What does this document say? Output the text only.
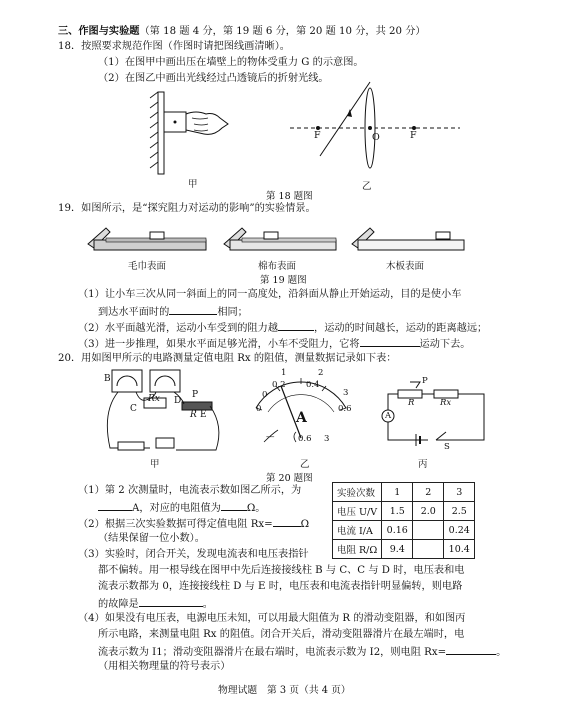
三、作图与实验题（第 18 题 4 分，第 19 题 6 分，第 20 题 10 分，共 20 分）
18．按照要求规范作图（作图时请把图线画清晰）。
（1）在图甲中画出压在墙壁上的物体受重力 G 的示意图。
（2）在图乙中画出光线经过凸透镜后的折射光线。
甲
F	O	F
乙
第 18 题图
19．如图所示，是“探究阻力对运动的影响”的实验情景。
毛巾表面	棉布表面	木板表面
第 19 题图
（1）让小车三次从同一斜面上的同一高度处，沿斜面从静止开始运动，目的是使小车
到达水平面时的	相同；
（2）水平面越光滑，运动小车受到的阻力越	，运动的时间越长，运动的距离越远；
（3）进一步推理，如果水平面足够光滑，小车不受阻力，它将	运动下去。
20．用如图甲所示的电路测量定值电阻 Rx 的阻值，测量数据记录如下表：
B
C
Rx D
P
R E
甲
0
0
0.2
1
0.4
2
3
0.6
A
—	0.6 3
乙
A
P
R	Rx
S
丙
第 20 题图
实验次数	1	2	3
电压 U/V	1.5	2.0	2.5
电流 I/A	0.16		0.24
电阻 R/Ω	9.4		10.4
（1）第 2 次测量时，电流表示数如图乙所示，为
A，对应的电阻值为	Ω。
（2）根据三次实验数据可得定值电阻 Rx=	Ω
（结果保留一位小数）。
（3）实验时，闭合开关，发现电流表和电压表指针
都不偏转。用一根导线在图甲中先后连接接线柱 B 与 C、C 与 D 时，电压表和电
流表示数都为 0，连接接线柱 D 与 E 时，电压表和电流表指针明显偏转，则电路
的故障是	。
（4）如果没有电压表，电源电压未知，可以用最大阻值为 R 的滑动变阻器，和如图丙
所示电路，来测量电阻 Rx 的阻值。闭合开关后，滑动变阻器滑片在最左端时，电
流表示数为 I1；滑动变阻器滑片在最右端时，电流表示数为 I2，则电阻 Rx=	。
（用相关物理量的符号表示）
物理试题　第 3 页（共 4 页）
